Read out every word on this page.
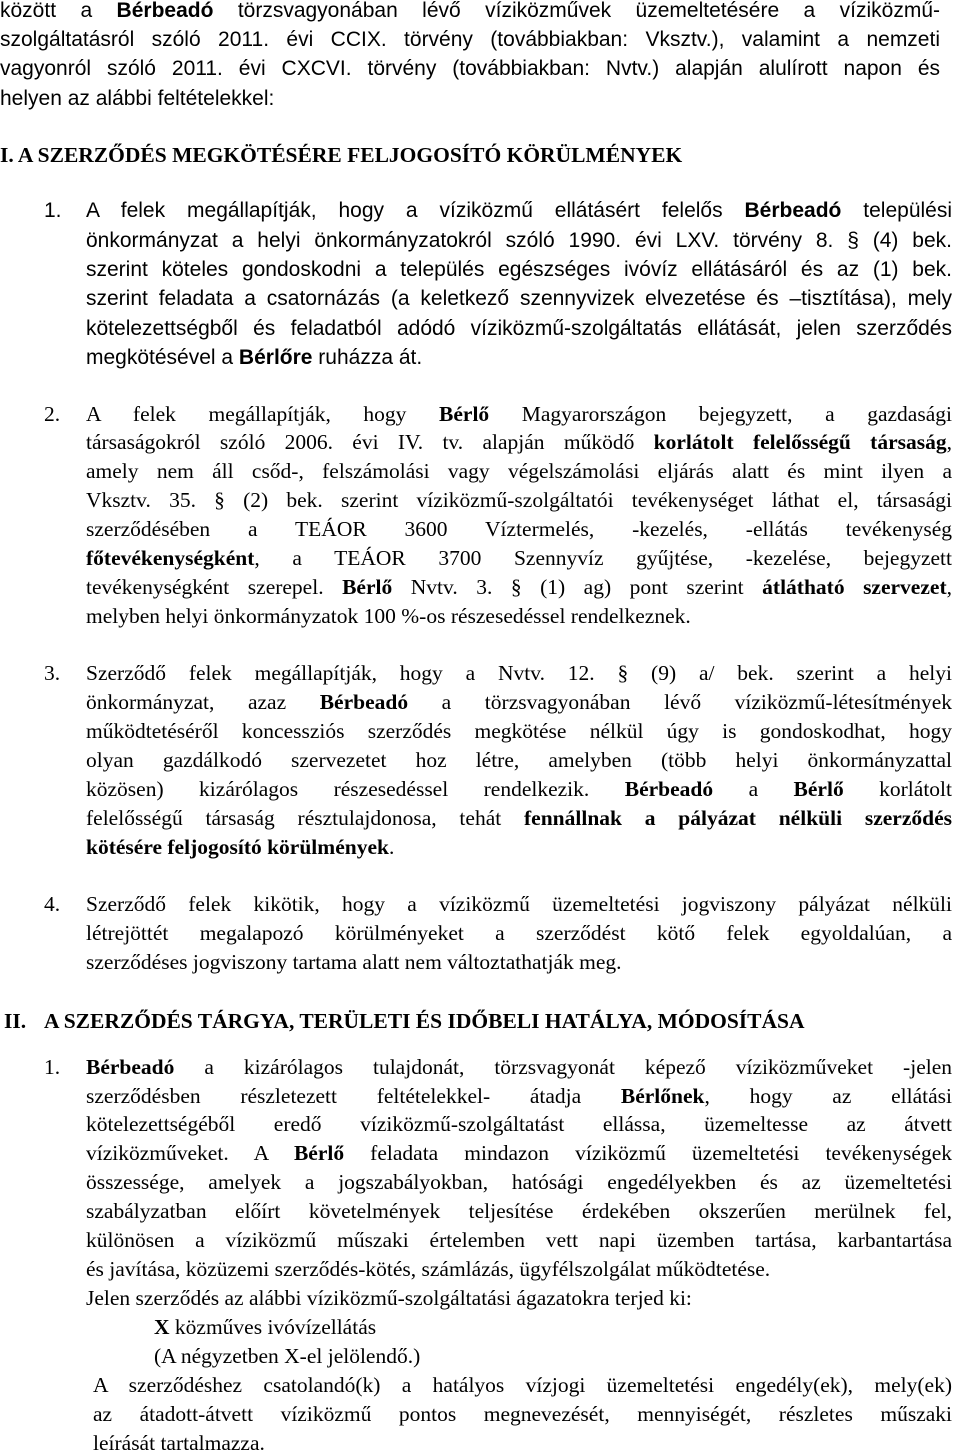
között a Bérbeadó törzsvagyonában lévő víziközművek üzemeltetésére a víziközmű-
szolgáltatásról szóló 2011. évi CCIX. törvény (továbbiakban: Vksztv.), valamint a nemzeti
vagyonról szóló 2011. évi CXCVI. törvény (továbbiakban: Nvtv.) alapján alulírott napon és
helyen az alábbi feltételekkel:
I. A SZERZŐDÉS MEGKÖTÉSÉRE FELJOGOSÍTÓ KÖRÜLMÉNYEK
1. A felek megállapítják, hogy a víziközmű ellátásért felelős Bérbeadó települési
önkormányzat a helyi önkormányzatokról szóló 1990. évi LXV. törvény 8. § (4) bek.
szerint köteles gondoskodni a település egészséges ivóvíz ellátásáról és az (1) bek.
szerint feladata a csatornázás (a keletkező szennyvizek elvezetése és –tisztítása), mely
kötelezettségből és feladatból adódó víziközmű-szolgáltatás ellátását, jelen szerződés
megkötésével a Bérlőre ruházza át.
2. A felek megállapítják, hogy Bérlő Magyarországon bejegyzett, a gazdasági
társaságokról szóló 2006. évi IV. tv. alapján működő korlátolt felelősségű társaság,
amely nem áll csőd-, felszámolási vagy végelszámolási eljárás alatt és mint ilyen a
Vksztv. 35. § (2) bek. szerint víziközmű-szolgáltatói tevékenységet láthat el, társasági
szerződésében a TEÁOR 3600 Víztermelés, -kezelés, -ellátás tevékenység
főtevékenységként, a TEÁOR 3700 Szennyvíz gyűjtése, -kezelése, bejegyzett
tevékenységként szerepel. Bérlő Nvtv. 3. § (1) ag) pont szerint átlátható szervezet,
melyben helyi önkormányzatok 100 %-os részesedéssel rendelkeznek.
3. Szerződő felek megállapítják, hogy a Nvtv. 12. § (9) a/ bek. szerint a helyi
önkormányzat, azaz Bérbeadó a törzsvagyonában lévő víziközmű-létesítmények
működtetéséről koncessziós szerződés megkötése nélkül úgy is gondoskodhat, hogy
olyan gazdálkodó szervezetet hoz létre, amelyben (több helyi önkormányzattal
közösen) kizárólagos részesedéssel rendelkezik. Bérbeadó a Bérlő korlátolt
felelősségű társaság résztulajdonosa, tehát fennállnak a pályázat nélküli szerződés
kötésére feljogosító körülmények.
4. Szerződő felek kikötik, hogy a víziközmű üzemeltetési jogviszony pályázat nélküli
létrejöttét megalapozó körülményeket a szerződést kötő felek egyoldalúan, a
szerződéses jogviszony tartama alatt nem változtathatják meg.
II. A SZERZŐDÉS TÁRGYA, TERÜLETI ÉS IDŐBELI HATÁLYA, MÓDOSÍTÁSA
1. Bérbeadó a kizárólagos tulajdonát, törzsvagyonát képező víziközműveket -jelen
szerződésben részletezett feltételekkel- átadja Bérlőnek, hogy az ellátási
kötelezettségéből eredő víziközmű-szolgáltatást ellássa, üzemeltesse az átvett
víziközműveket. A Bérlő feladata mindazon víziközmű üzemeltetési tevékenységek
összessége, amelyek a jogszabályokban, hatósági engedélyekben és az üzemeltetési
szabályzatban előírt követelmények teljesítése érdekében okszerűen merülnek fel,
különösen a víziközmű műszaki értelemben vett napi üzemben tartása, karbantartása
és javítása, közüzemi szerződés-kötés, számlázás, ügyfélszolgálat működtetése.
Jelen szerződés az alábbi víziközmű-szolgáltatási ágazatokra terjed ki:
X közműves ivóvízellátás
(A négyzetben X-el jelölendő.)
A szerződéshez csatolandó(k) a hatályos vízjogi üzemeltetési engedély(ek), mely(ek)
az átadott-átvett víziközmű pontos megnevezését, mennyiségét, részletes műszaki
leírását tartalmazza.
